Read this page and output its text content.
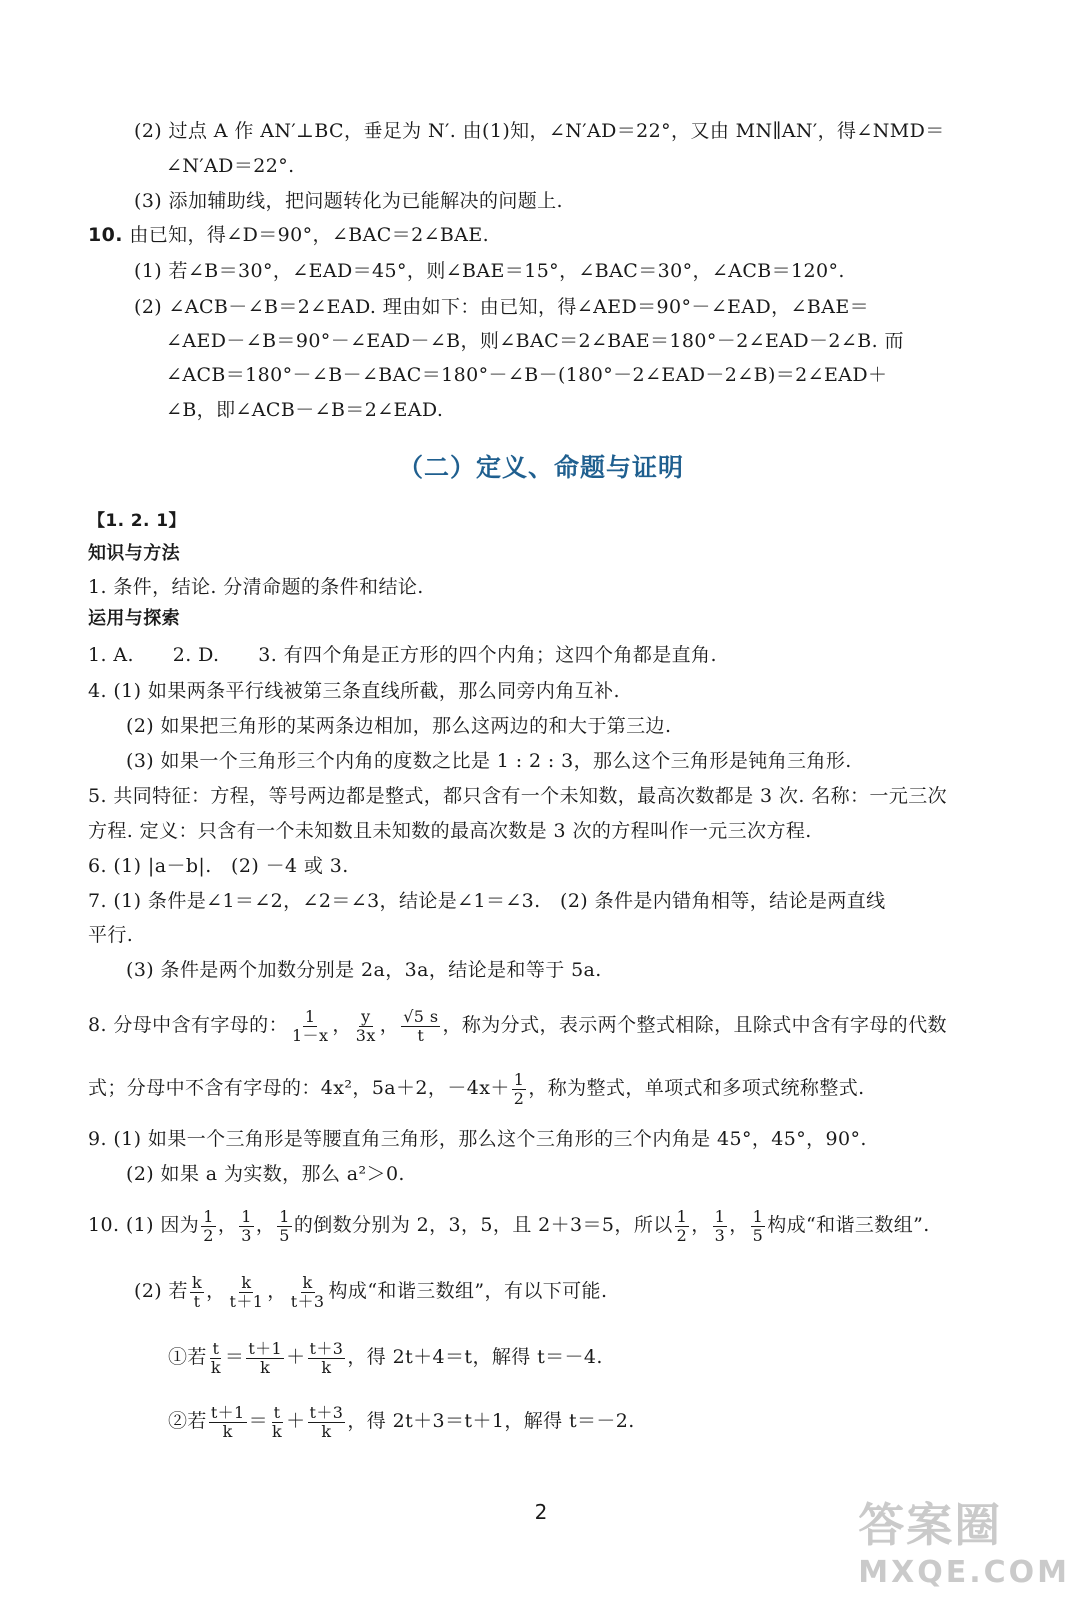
(2) 过点 A 作 AN′⊥BC，垂足为 N′. 由(1)知，∠N′AD＝22°，又由 MN∥AN′，得∠NMD＝
∠N′AD＝22°.
(3) 添加辅助线，把问题转化为已能解决的问题上.
10. 由已知，得∠D＝90°，∠BAC＝2∠BAE.
(1) 若∠B＝30°，∠EAD＝45°，则∠BAE＝15°，∠BAC＝30°，∠ACB＝120°.
(2) ∠ACB－∠B＝2∠EAD. 理由如下：由已知，得∠AED＝90°－∠EAD，∠BAE＝
∠AED－∠B＝90°－∠EAD－∠B，则∠BAC＝2∠BAE＝180°－2∠EAD－2∠B. 而
∠ACB＝180°－∠B－∠BAC＝180°－∠B－(180°－2∠EAD－2∠B)＝2∠EAD＋
∠B，即∠ACB－∠B＝2∠EAD.
（二）定义、命题与证明
【1. 2. 1】
知识与方法
1. 条件，结论. 分清命题的条件和结论.
运用与探索
1. A.　　2. D.　　3. 有四个角是正方形的四个内角；这四个角都是直角.
4. (1) 如果两条平行线被第三条直线所截，那么同旁内角互补.
(2) 如果把三角形的某两条边相加，那么这两边的和大于第三边.
(3) 如果一个三角形三个内角的度数之比是 1 : 2 : 3，那么这个三角形是钝角三角形.
5. 共同特征：方程，等号两边都是整式，都只含有一个未知数，最高次数都是 3 次. 名称：一元三次
方程. 定义：只含有一个未知数且未知数的最高次数是 3 次的方程叫作一元三次方程.
6. (1) |a－b|.　(2) －4 或 3.
7. (1) 条件是∠1＝∠2，∠2＝∠3，结论是∠1＝∠3.　(2) 条件是内错角相等，结论是两直线
平行.
(3) 条件是两个加数分别是 2a，3a，结论是和等于 5a.
8. 分母中含有字母的： $\frac{1}{1-x}$ ， $\frac{y}{3x}$ ， $\frac{√5 s}{t}$ ，称为分式，表示两个整式相除，且除式中含有字母的代数
式；分母中不含有字母的：4x²，5a＋2，$-4x+ \frac{1}{2}$ ，称为整式，单项式和多项式统称整式.
9. (1) 如果一个三角形是等腰直角三角形，那么这个三角形的三个内角是 45°，45°，90°.
(2) 如果 a 为实数，那么 a²＞0.
10. (1) 因为 $\frac{1}{2}$ ， $\frac{1}{3}$ ， $\frac{1}{5}$ 的倒数分别为 2，3，5，且 2＋3＝5，所以 $\frac{1}{2}$ ， $\frac{1}{3}$ ， $\frac{1}{5}$ 构成“和谐三数组”.
(2) 若 $\frac{k}{t}$ ， $\frac{k}{t+1}$ ， $\frac{k}{t+3}$ 构成“和谐三数组”，有以下可能.
①若 $\frac{t}{k} = \frac{t+1}{k} + \frac{t+3}{k}$ ，得 2t＋4＝t，解得 t＝－4.
②若 $\frac{t+1}{k} = \frac{t}{k} + \frac{t+3}{k}$ ，得 2t＋3＝t＋1，解得 t＝－2.
2	答案圈
MXQE.COM
